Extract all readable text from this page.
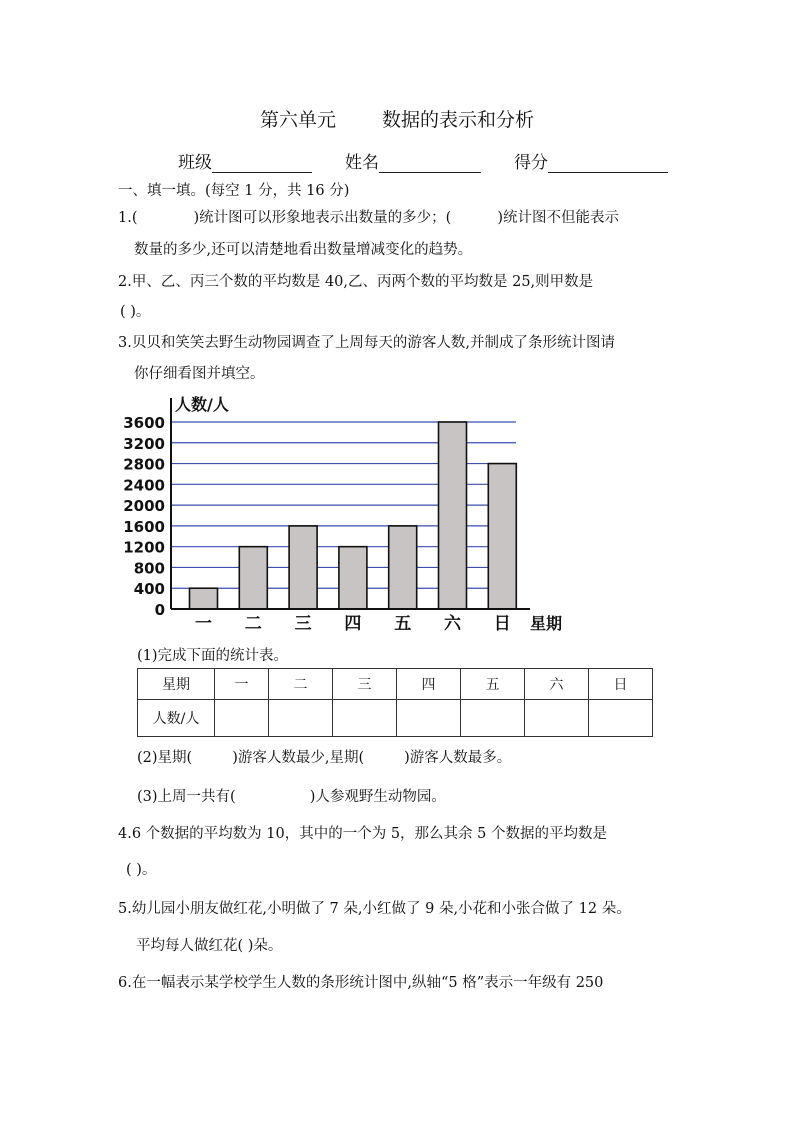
第六单元 数据的表示和分析
班级	姓名	得分
一、填一填。(每空 1 分，共 16 分)
1.(	)统计图可以形象地表示出数量的多少；(	)统计图不但能表示
数量的多少,还可以清楚地看出数量增减变化的趋势。
2.甲、乙、丙三个数的平均数是 40,乙、丙两个数的平均数是 25,则甲数是
( )。
3.贝贝和笑笑去野生动物园调查了上周每天的游客人数,并制成了条形统计图请
你仔细看图并填空。
0
400
800
1200
1600
2000
2400
2800
3200
3600
一 二 三 四 五 六 日
人数/人
星期
(1)完成下面的统计表。
星期	一	二	三	四	五	六	日
人数/人							
(2)星期(	)游客人数最少,星期(	)游客人数最多。
(3)上周一共有(	)人参观野生动物园。
4.6 个数据的平均数为 10，其中的一个为 5，那么其余 5 个数据的平均数是
( )。
5.幼儿园小朋友做红花,小明做了 7 朵,小红做了 9 朵,小花和小张合做了 12 朵。
平均每人做红花( )朵。
6.在一幅表示某学校学生人数的条形统计图中,纵轴“5 格”表示一年级有 250
